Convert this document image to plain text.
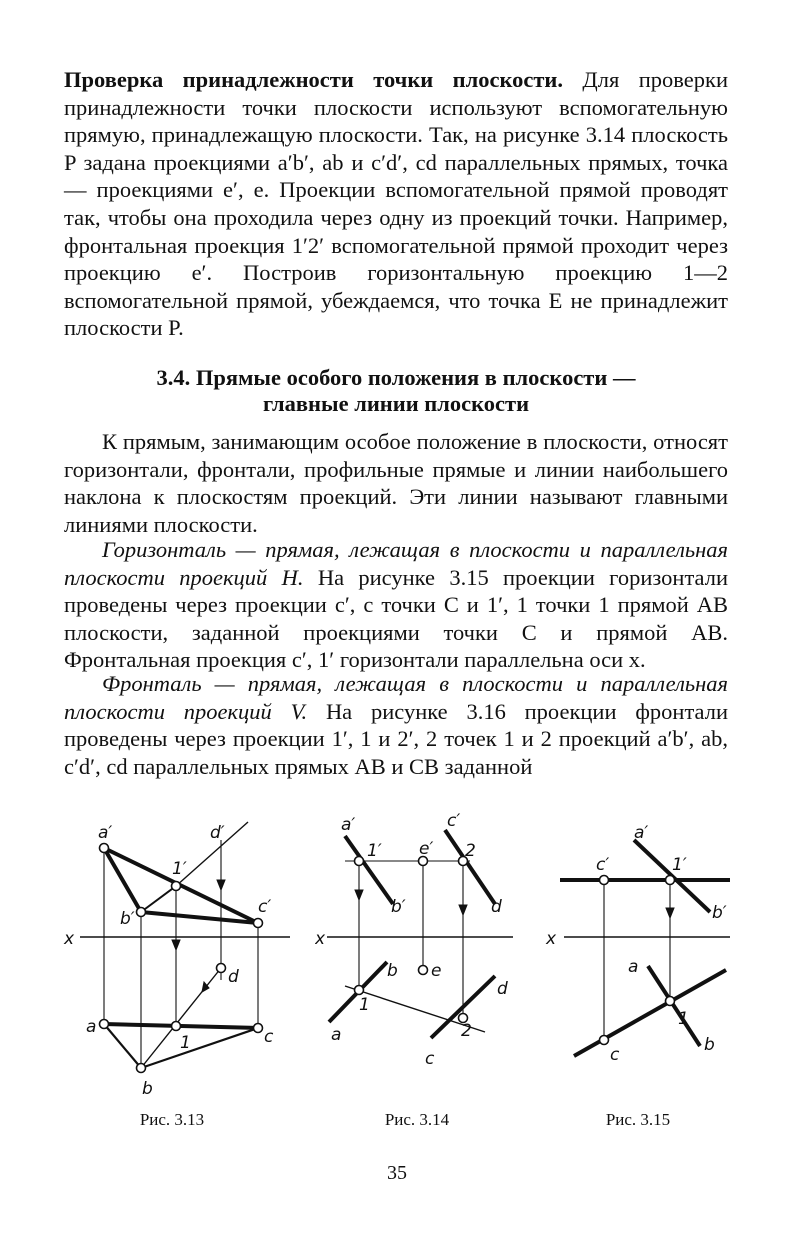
Проверка принадлежности точки плоскости. Для проверки принадлежности точки плоскости используют вспомогательную прямую, принадлежащую плоскости. Так, на рисунке 3.14 плоскость P задана проекциями a′b′, ab и c′d′, cd параллельных прямых, точка — проекциями e′, e. Проекции вспомогательной прямой проводят так, чтобы она проходила через одну из проекций точки. Например, фронтальная проекция 1′2′ вспомогательной прямой проходит через проекцию e′. Построив горизонтальную проекцию 1—2 вспомогательной прямой, убеждаемся, что точка E не принадлежит плоскости P.
3.4. Прямые особого положения в плоскости —
главные линии плоскости
К прямым, занимающим особое положение в плоскости, относят горизонтали, фронтали, профильные прямые и линии наибольшего наклона к плоскостям проекций. Эти линии называют главными линиями плоскости.
Горизонталь — прямая, лежащая в плоскости и параллельная плоскости проекций H. На рисунке 3.15 проекции горизонтали проведены через проекции c′, c точки C и 1′, 1 точки 1 прямой AB плоскости, заданной проекциями точки C и прямой AB. Фронтальная проекция c′, 1′ горизонтали параллельна оси x.
Фронталь — прямая, лежащая в плоскости и параллельная плоскости проекций V. На рисунке 3.16 проекции фронтали проведены через проекции 1′, 1 и 2′, 2 точек 1 и 2 проекций a′b′, ab, c′d′, cd параллельных прямых AB и CB заданной
a′	d′
1′
b′
c′
x
d
a
1	c
b
a′	c′
1′ e′ 2
b′	d
x
b e
d
1
a	2
c
a′
c′	1′
b′
x
a
1
c	b
Рис. 3.13	Рис. 3.14	Рис. 3.15
35
